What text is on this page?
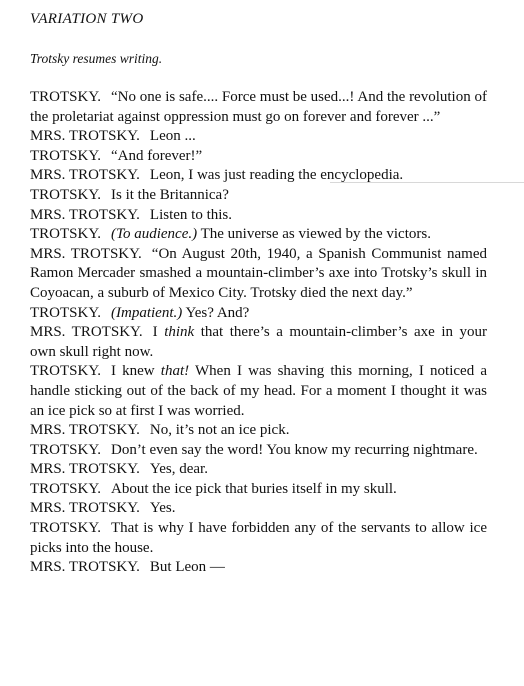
VARIATION TWO
Trotsky resumes writing.

TROTSKY. “No one is safe.... Force must be used...! And the revolution of the proletariat against oppression must go on forever and forever ...”

MRS. TROTSKY. Leon ...

TROTSKY. “And forever!”

MRS. TROTSKY. Leon, I was just reading the encyclopedia.

TROTSKY. Is it the Britannica?

MRS. TROTSKY. Listen to this.

TROTSKY. (To audience.) The universe as viewed by the victors.

MRS. TROTSKY. “On August 20th, 1940, a Spanish Communist named Ramon Mercader smashed a mountain-climber’s axe into Trotsky’s skull in Coyoacan, a suburb of Mexico City. Trotsky died the next day.”

TROTSKY. (Impatient.) Yes? And?

MRS. TROTSKY. I think that there’s a mountain-climber’s axe in your own skull right now.

TROTSKY. I knew that! When I was shaving this morning, I noticed a handle sticking out of the back of my head. For a moment I thought it was an ice pick so at first I was worried.

MRS. TROTSKY. No, it’s not an ice pick.

TROTSKY. Don’t even say the word! You know my recurring nightmare.

MRS. TROTSKY. Yes, dear.

TROTSKY. About the ice pick that buries itself in my skull.

MRS. TROTSKY. Yes.

TROTSKY. That is why I have forbidden any of the servants to allow ice picks into the house.

MRS. TROTSKY. But Leon —
